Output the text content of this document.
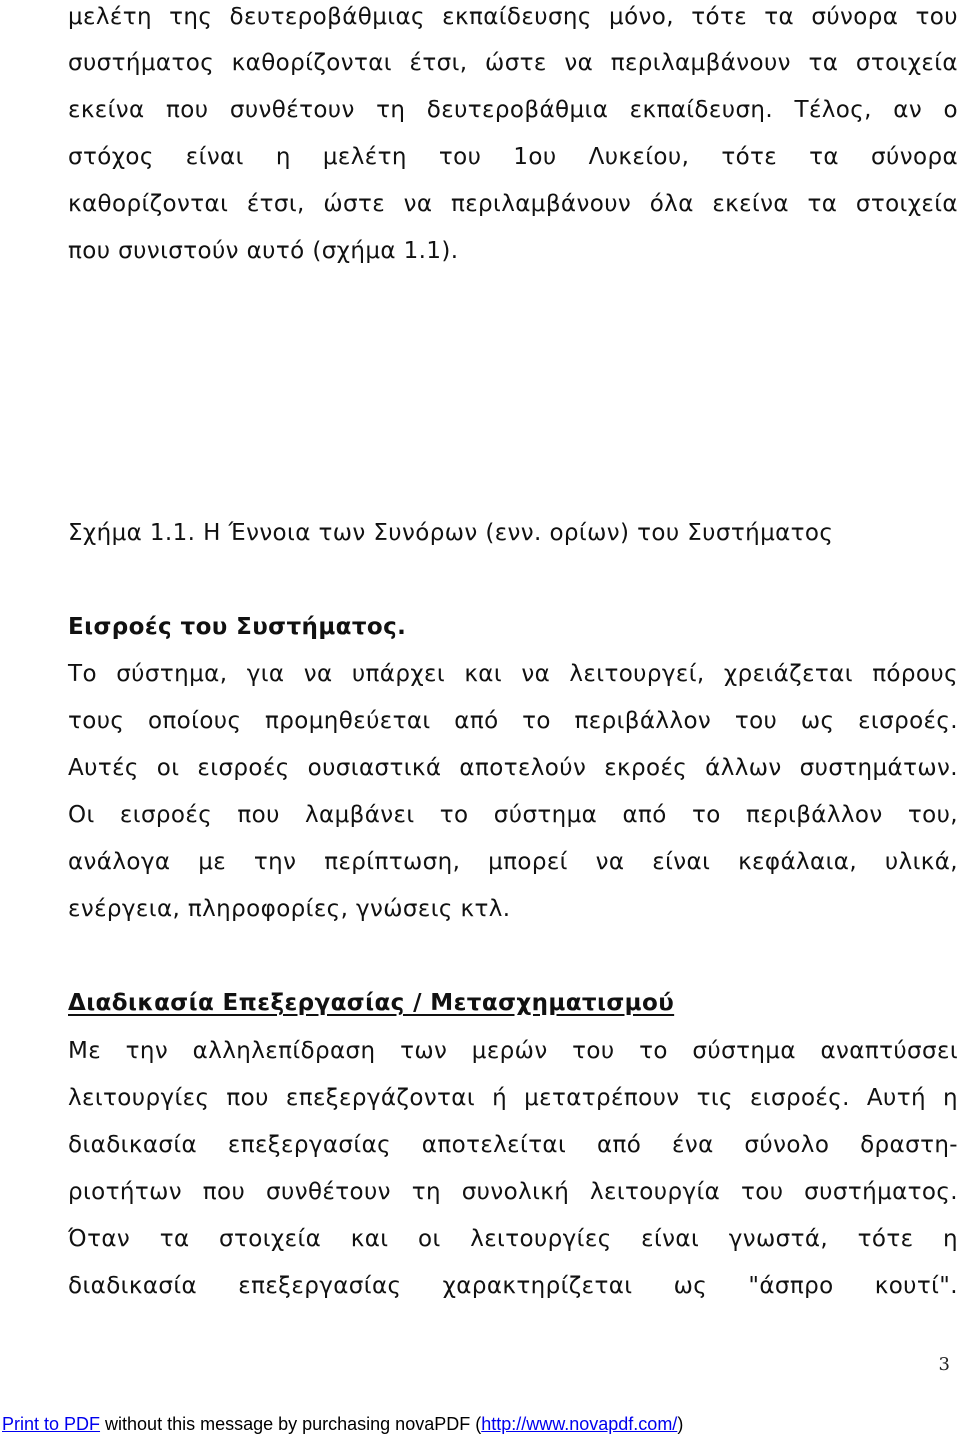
μελέτη της δευτεροβάθμιας εκπαίδευσης μόνο, τότε τα σύνορα του
συστήματος καθορίζονται έτσι, ώστε να περιλαμβάνουν τα στοιχεία
εκείνα που συνθέτουν τη δευτεροβάθμια εκπαίδευση. Τέλος, αν ο
στόχος είναι η μελέτη του 1ου Λυκείου, τότε τα σύνορα
καθορίζονται έτσι, ώστε να περιλαμβάνουν όλα εκείνα τα στοιχεία
που συνιστούν αυτό (σχήμα 1.1).
Σχήμα 1.1. Η Έννοια των Συνόρων (ενν. ορίων) του Συστήματος
Εισροές του Συστήματος.
Το σύστημα, για να υπάρχει και να λειτουργεί, χρειάζεται πόρους
τους οποίους προμηθεύεται από το περιβάλλον του ως εισροές.
Αυτές οι εισροές ουσιαστικά αποτελούν εκροές άλλων συστημάτων.
Οι εισροές που λαμβάνει το σύστημα από το περιβάλλον του,
ανάλογα με την περίπτωση, μπορεί να είναι κεφάλαια, υλικά,
ενέργεια, πληροφορίες, γνώσεις κτλ.
Διαδικασία Επεξεργασίας / Μετασχηματισμού
Με την αλληλεπίδραση των μερών του το σύστημα αναπτύσσει
λειτουργίες που επεξεργάζονται ή μετατρέπουν τις εισροές. Αυτή η
διαδικασία επεξεργασίας αποτελείται από ένα σύνολο δραστη-
ριοτήτων που συνθέτουν τη συνολική λειτουργία του συστήματος.
Όταν τα στοιχεία και οι λειτουργίες είναι γνωστά, τότε η
διαδικασία επεξεργασίας χαρακτηρίζεται ως "άσπρο κουτί".
3
Print to PDF without this message by purchasing novaPDF (http://www.novapdf.com/)
